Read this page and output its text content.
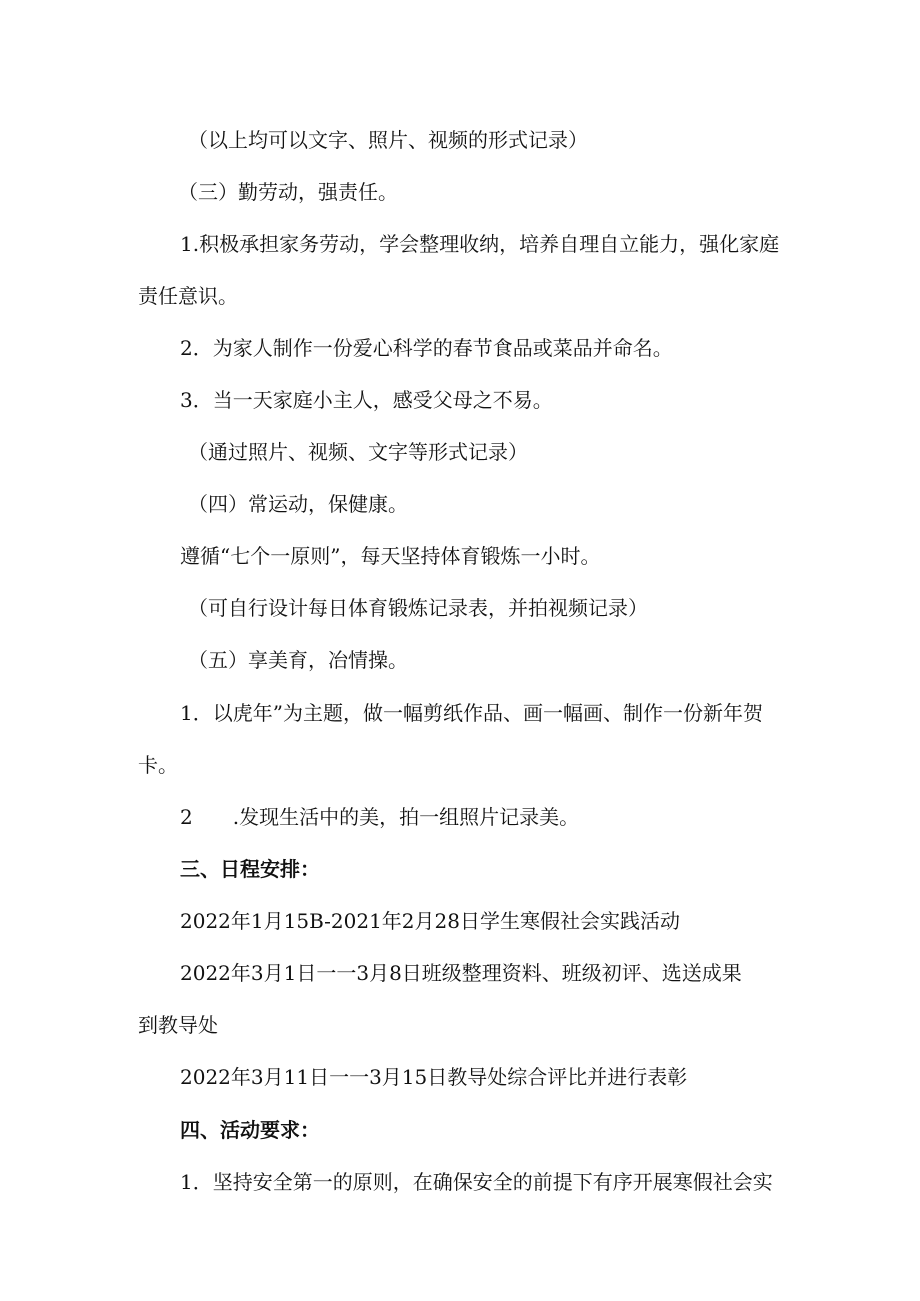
（以上均可以文字、照片、视频的形式记录）
（三）勤劳动，强责任。
1.积极承担家务劳动，学会整理收纳，培养自理自立能力，强化家庭
责任意识。
2．为家人制作一份爱心科学的春节食品或菜品并命名。
3．当一天家庭小主人，感受父母之不易。
（通过照片、视频、文字等形式记录）
（四）常运动，保健康。
遵循“七个一原则”，每天坚持体育锻炼一小时。
（可自行设计每日体育锻炼记录表，并拍视频记录）
（五）享美育，冶情操。
1．以虎年”为主题，做一幅剪纸作品、画一幅画、制作一份新年贺
卡。
2　　.发现生活中的美，拍一组照片记录美。
三、日程安排：
2022年1月15B-2021年2月28日学生寒假社会实践活动
2022年3月1日一一3月8日班级整理资料、班级初评、选送成果
到教导处
2022年3月11日一一3月15日教导处综合评比并进行表彰
四、活动要求：
1．坚持安全第一的原则，在确保安全的前提下有序开展寒假社会实
